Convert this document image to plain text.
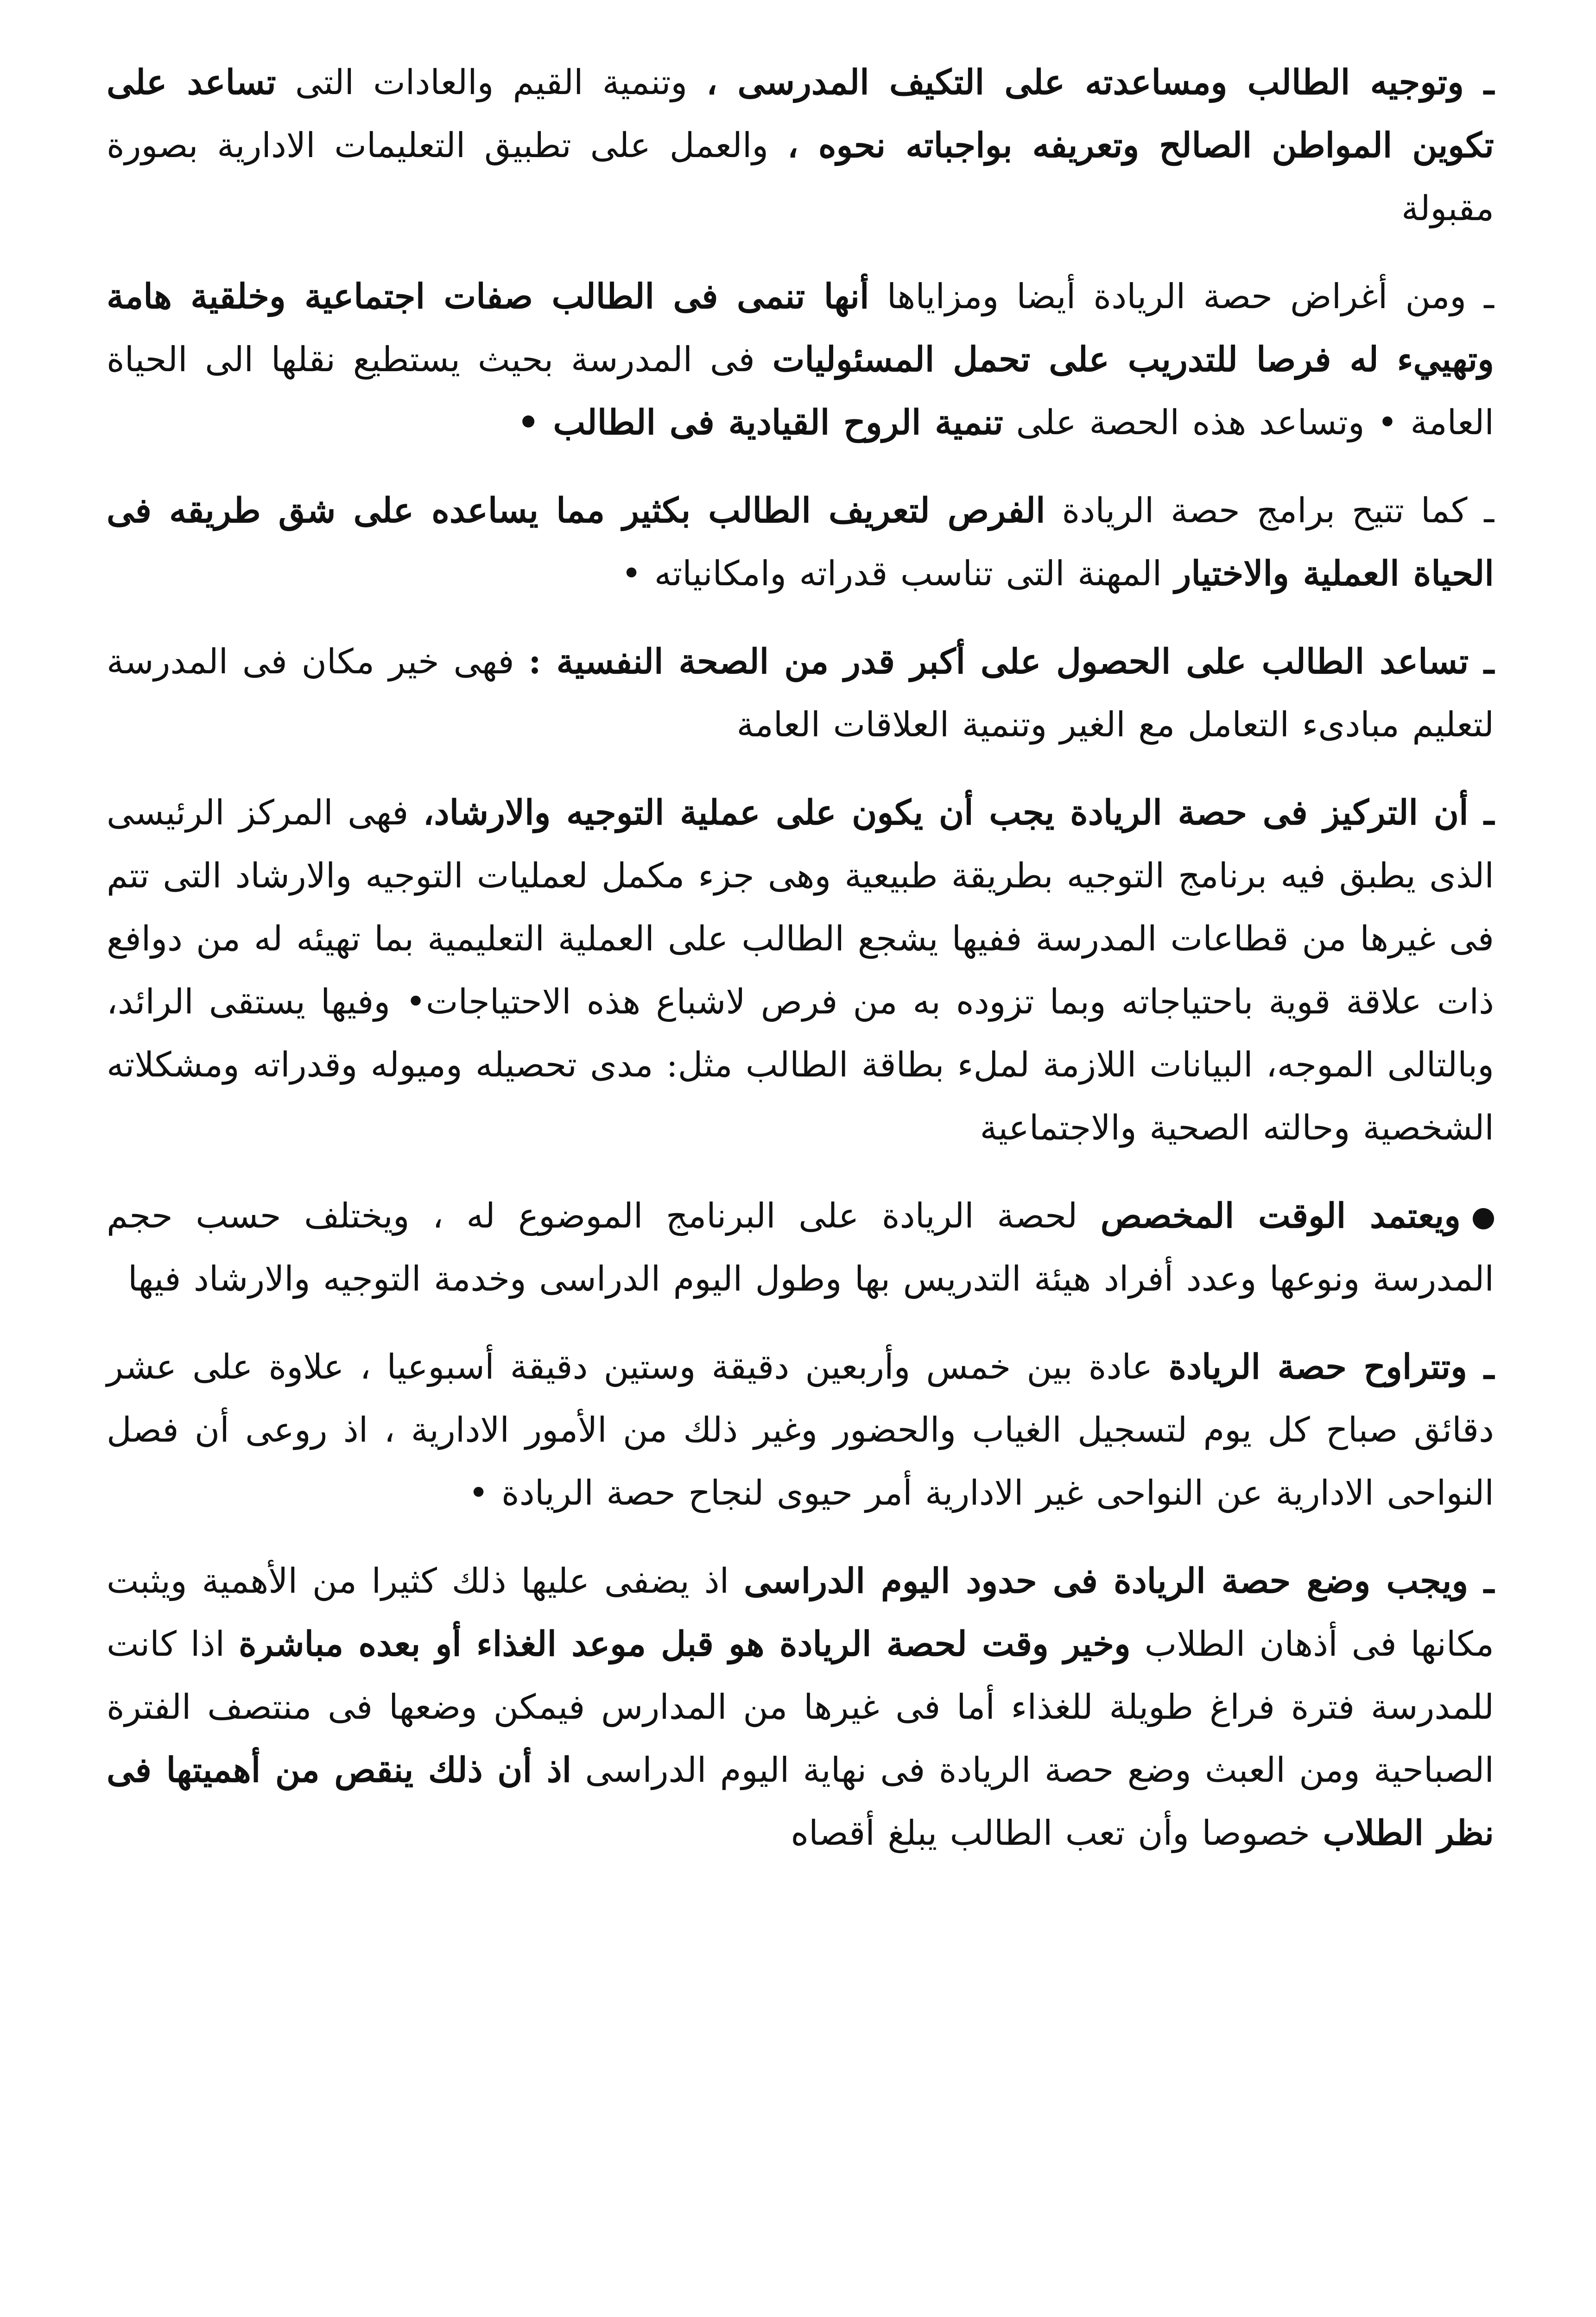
ـ وتوجيه الطالب ومساعدته على التكيف المدرسى ، وتنمية القيم والعادات التى تساعد على تكوين المواطن الصالح وتعريفه بواجباته نحوه ، والعمل على تطبيق التعليمات الادارية بصورة مقبولة

ـ ومن أغراض حصة الريادة أيضا ومزاياها أنها تنمى فى الطالب صفات اجتماعية وخلقية هامة وتهييء له فرصا للتدريب على تحمل المسئوليات فى المدرسة بحيث يستطيع نقلها الى الحياة العامة • وتساعد هذه الحصة على تنمية الروح القيادية فى الطالب •

ـ كما تتيح برامج حصة الريادة الفرص لتعريف الطالب بكثير مما يساعده على شق طريقه فى الحياة العملية والاختيار المهنة التى تناسب قدراته وامكانياته •

ـ تساعد الطالب على الحصول على أكبر قدر من الصحة النفسية : فهى خير مكان فى المدرسة لتعليم مبادىء التعامل مع الغير وتنمية العلاقات العامة

ـ أن التركيز فى حصة الريادة يجب أن يكون على عملية التوجيه والارشاد، فهى المركز الرئيسى الذى يطبق فيه برنامج التوجيه بطريقة طبيعية وهى جزء مكمل لعمليات التوجيه والارشاد التى تتم فى غيرها من قطاعات المدرسة ففيها يشجع الطالب على العملية التعليمية بما تهيئه له من دوافع ذات علاقة قوية باحتياجاته وبما تزوده به من فرص لاشباع هذه الاحتياجات• وفيها يستقى الرائد، وبالتالى الموجه، البيانات اللازمة لملء بطاقة الطالب مثل: مدى تحصيله وميوله وقدراته ومشكلاته الشخصية وحالته الصحية والاجتماعية

ويعتمد الوقت المخصص لحصة الريادة على البرنامج الموضوع له ، ويختلف حسب حجم المدرسة ونوعها وعدد أفراد هيئة التدريس بها وطول اليوم الدراسى وخدمة التوجيه والارشاد فيها

ـ وتتراوح حصة الريادة عادة بين خمس وأربعين دقيقة وستين دقيقة أسبوعيا ، علاوة على عشر دقائق صباح كل يوم لتسجيل الغياب والحضور وغير ذلك من الأمور الادارية ، اذ روعى أن فصل النواحى الادارية عن النواحى غير الادارية أمر حيوى لنجاح حصة الريادة •

ـ ويجب وضع حصة الريادة فى حدود اليوم الدراسى اذ يضفى عليها ذلك كثيرا من الأهمية ويثبت مكانها فى أذهان الطلاب وخير وقت لحصة الريادة هو قبل موعد الغذاء أو بعده مباشرة اذا كانت للمدرسة فترة فراغ طويلة للغذاء أما فى غيرها من المدارس فيمكن وضعها فى منتصف الفترة الصباحية ومن العبث وضع حصة الريادة فى نهاية اليوم الدراسى اذ أن ذلك ينقص من أهميتها فى نظر الطلاب خصوصا وأن تعب الطالب يبلغ أقصاه
